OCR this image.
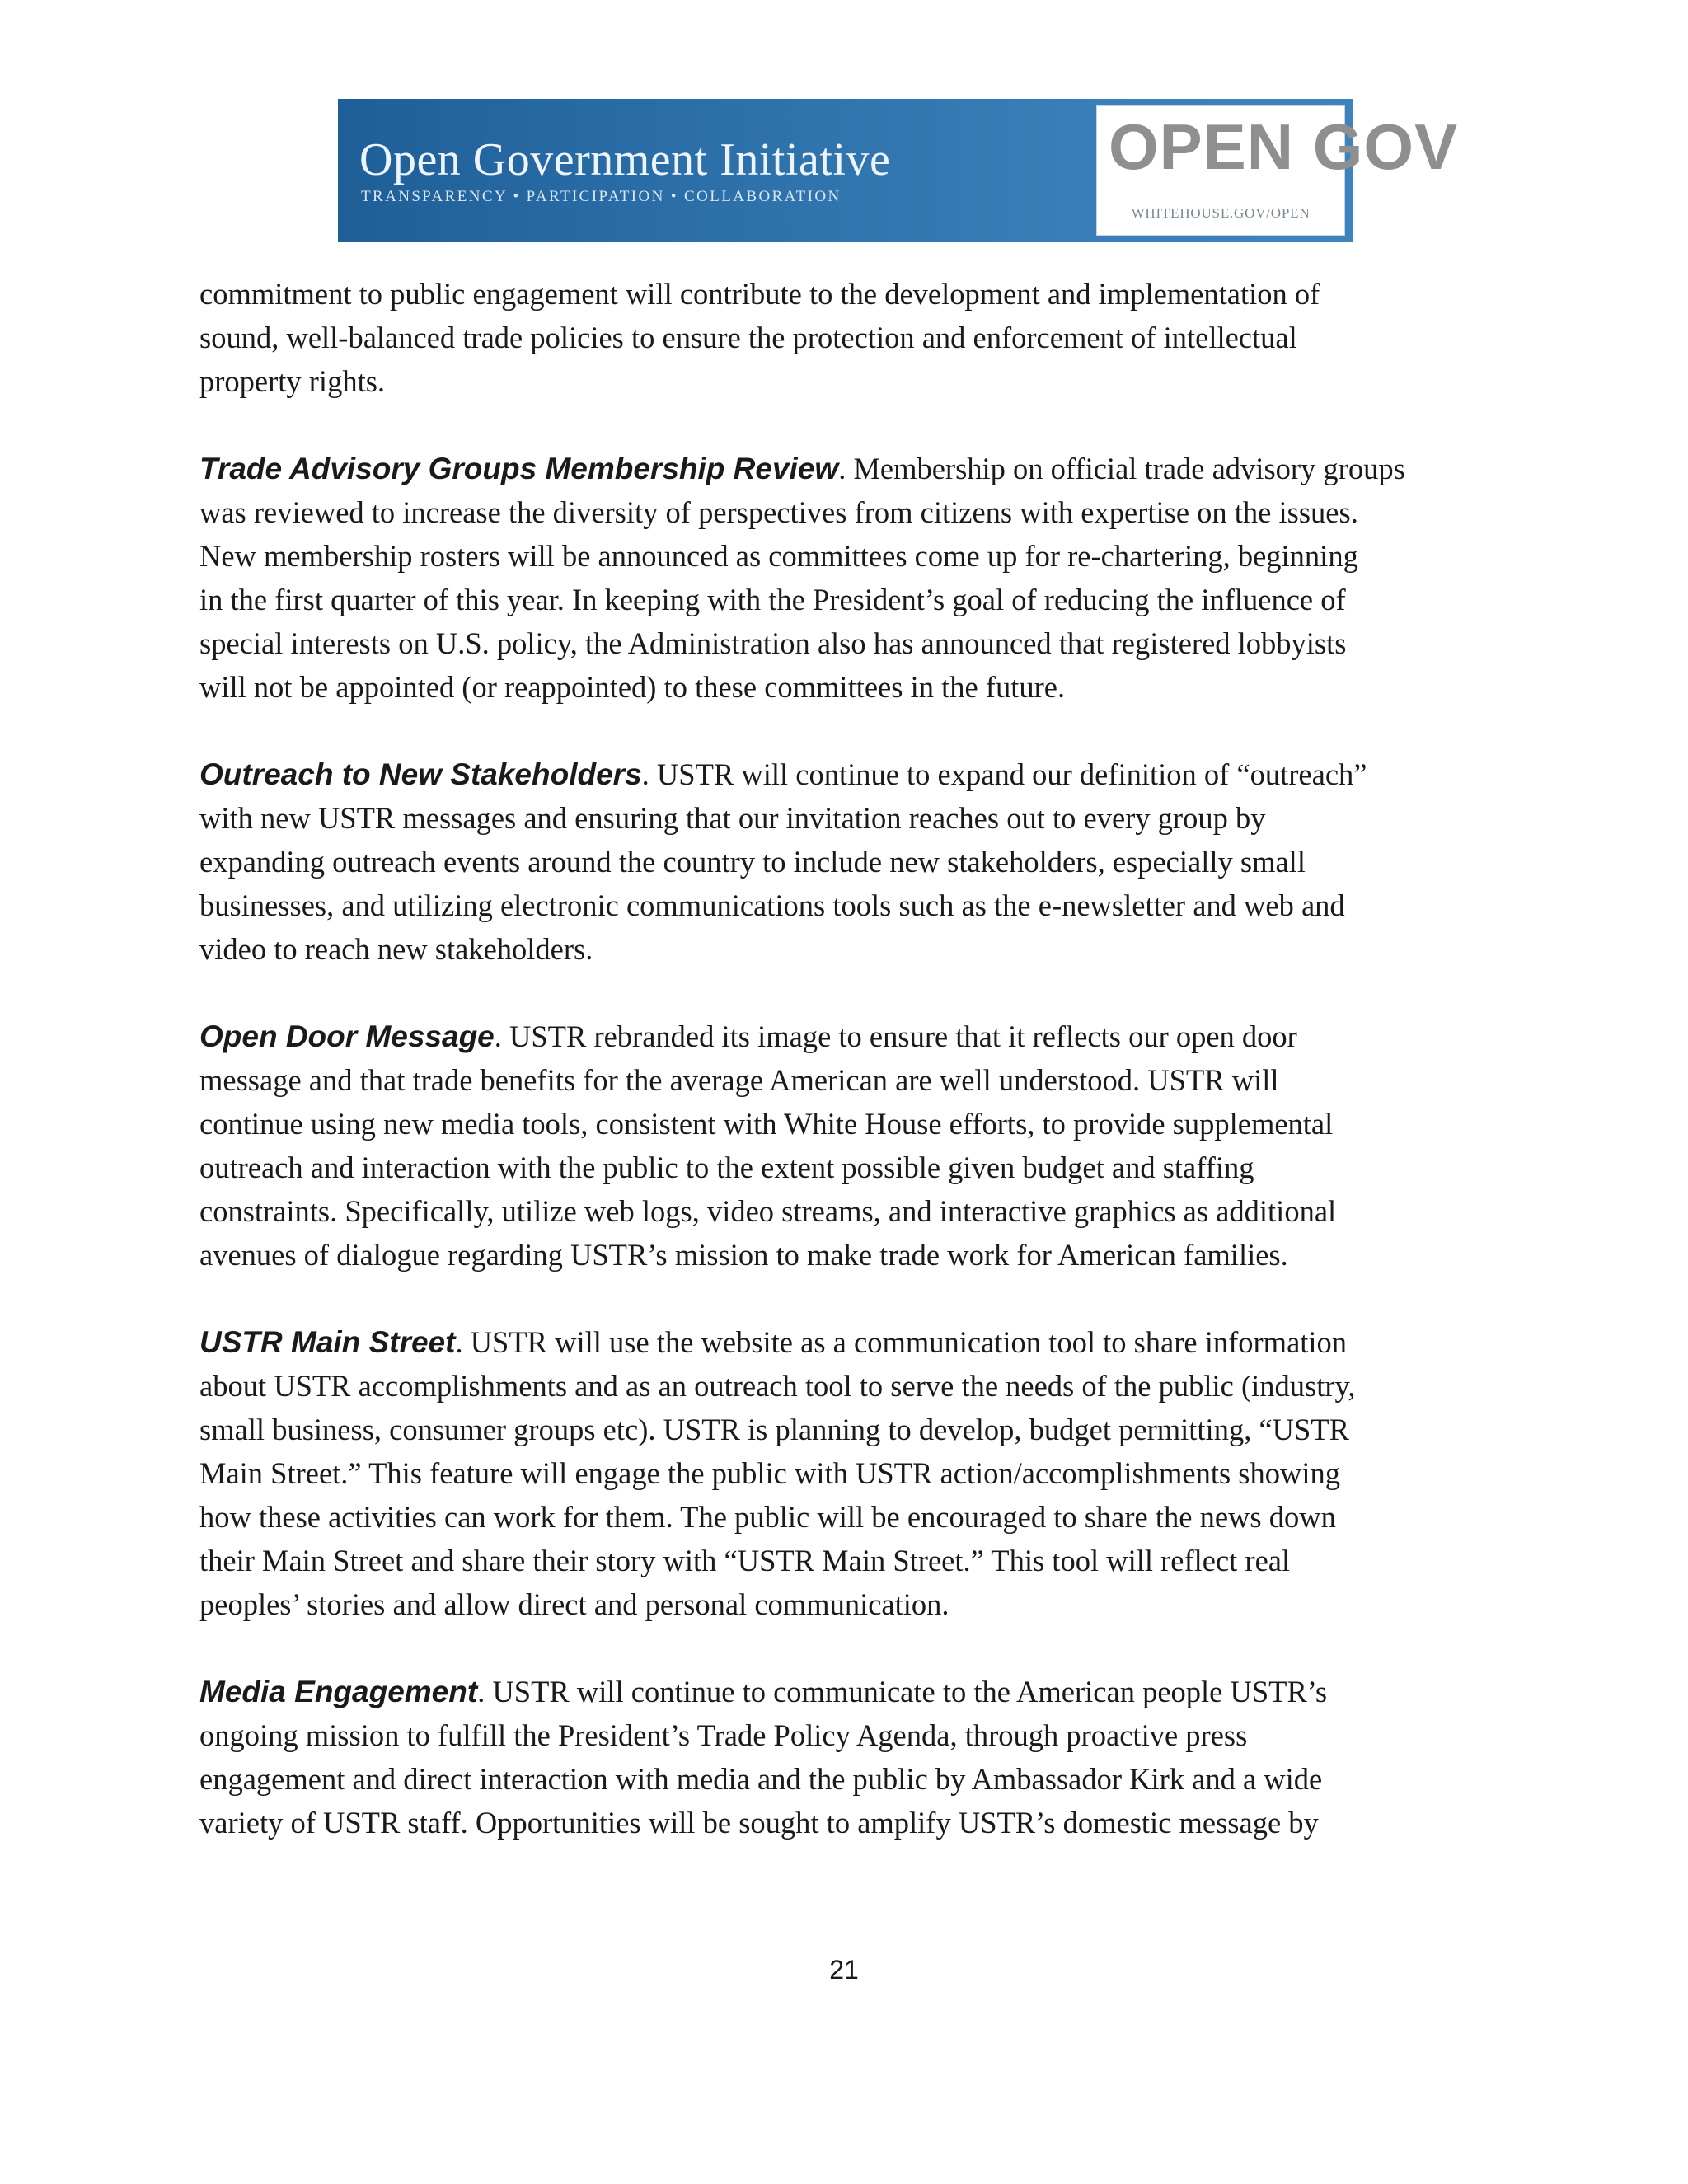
Open Government Initiative
TRANSPARENCY • PARTICIPATION • COLLABORATION
OPEN GOV
WHITEHOUSE.GOV/OPEN

commitment to public engagement will contribute to the development and implementation of
sound, well-balanced trade policies to ensure the protection and enforcement of intellectual
property rights.

Trade Advisory Groups Membership Review. Membership on official trade advisory groups
was reviewed to increase the diversity of perspectives from citizens with expertise on the issues.
New membership rosters will be announced as committees come up for re-chartering, beginning
in the first quarter of this year. In keeping with the President’s goal of reducing the influence of
special interests on U.S. policy, the Administration also has announced that registered lobbyists
will not be appointed (or reappointed) to these committees in the future.

Outreach to New Stakeholders. USTR will continue to expand our definition of “outreach”
with new USTR messages and ensuring that our invitation reaches out to every group by
expanding outreach events around the country to include new stakeholders, especially small
businesses, and utilizing electronic communications tools such as the e-newsletter and web and
video to reach new stakeholders.

Open Door Message. USTR rebranded its image to ensure that it reflects our open door
message and that trade benefits for the average American are well understood. USTR will
continue using new media tools, consistent with White House efforts, to provide supplemental
outreach and interaction with the public to the extent possible given budget and staffing
constraints. Specifically, utilize web logs, video streams, and interactive graphics as additional
avenues of dialogue regarding USTR’s mission to make trade work for American families.

USTR Main Street. USTR will use the website as a communication tool to share information
about USTR accomplishments and as an outreach tool to serve the needs of the public (industry,
small business, consumer groups etc). USTR is planning to develop, budget permitting, “USTR
Main Street.” This feature will engage the public with USTR action/accomplishments showing
how these activities can work for them. The public will be encouraged to share the news down
their Main Street and share their story with “USTR Main Street.” This tool will reflect real
peoples’ stories and allow direct and personal communication.

Media Engagement. USTR will continue to communicate to the American people USTR’s
ongoing mission to fulfill the President’s Trade Policy Agenda, through proactive press
engagement and direct interaction with media and the public by Ambassador Kirk and a wide
variety of USTR staff. Opportunities will be sought to amplify USTR’s domestic message by

21
